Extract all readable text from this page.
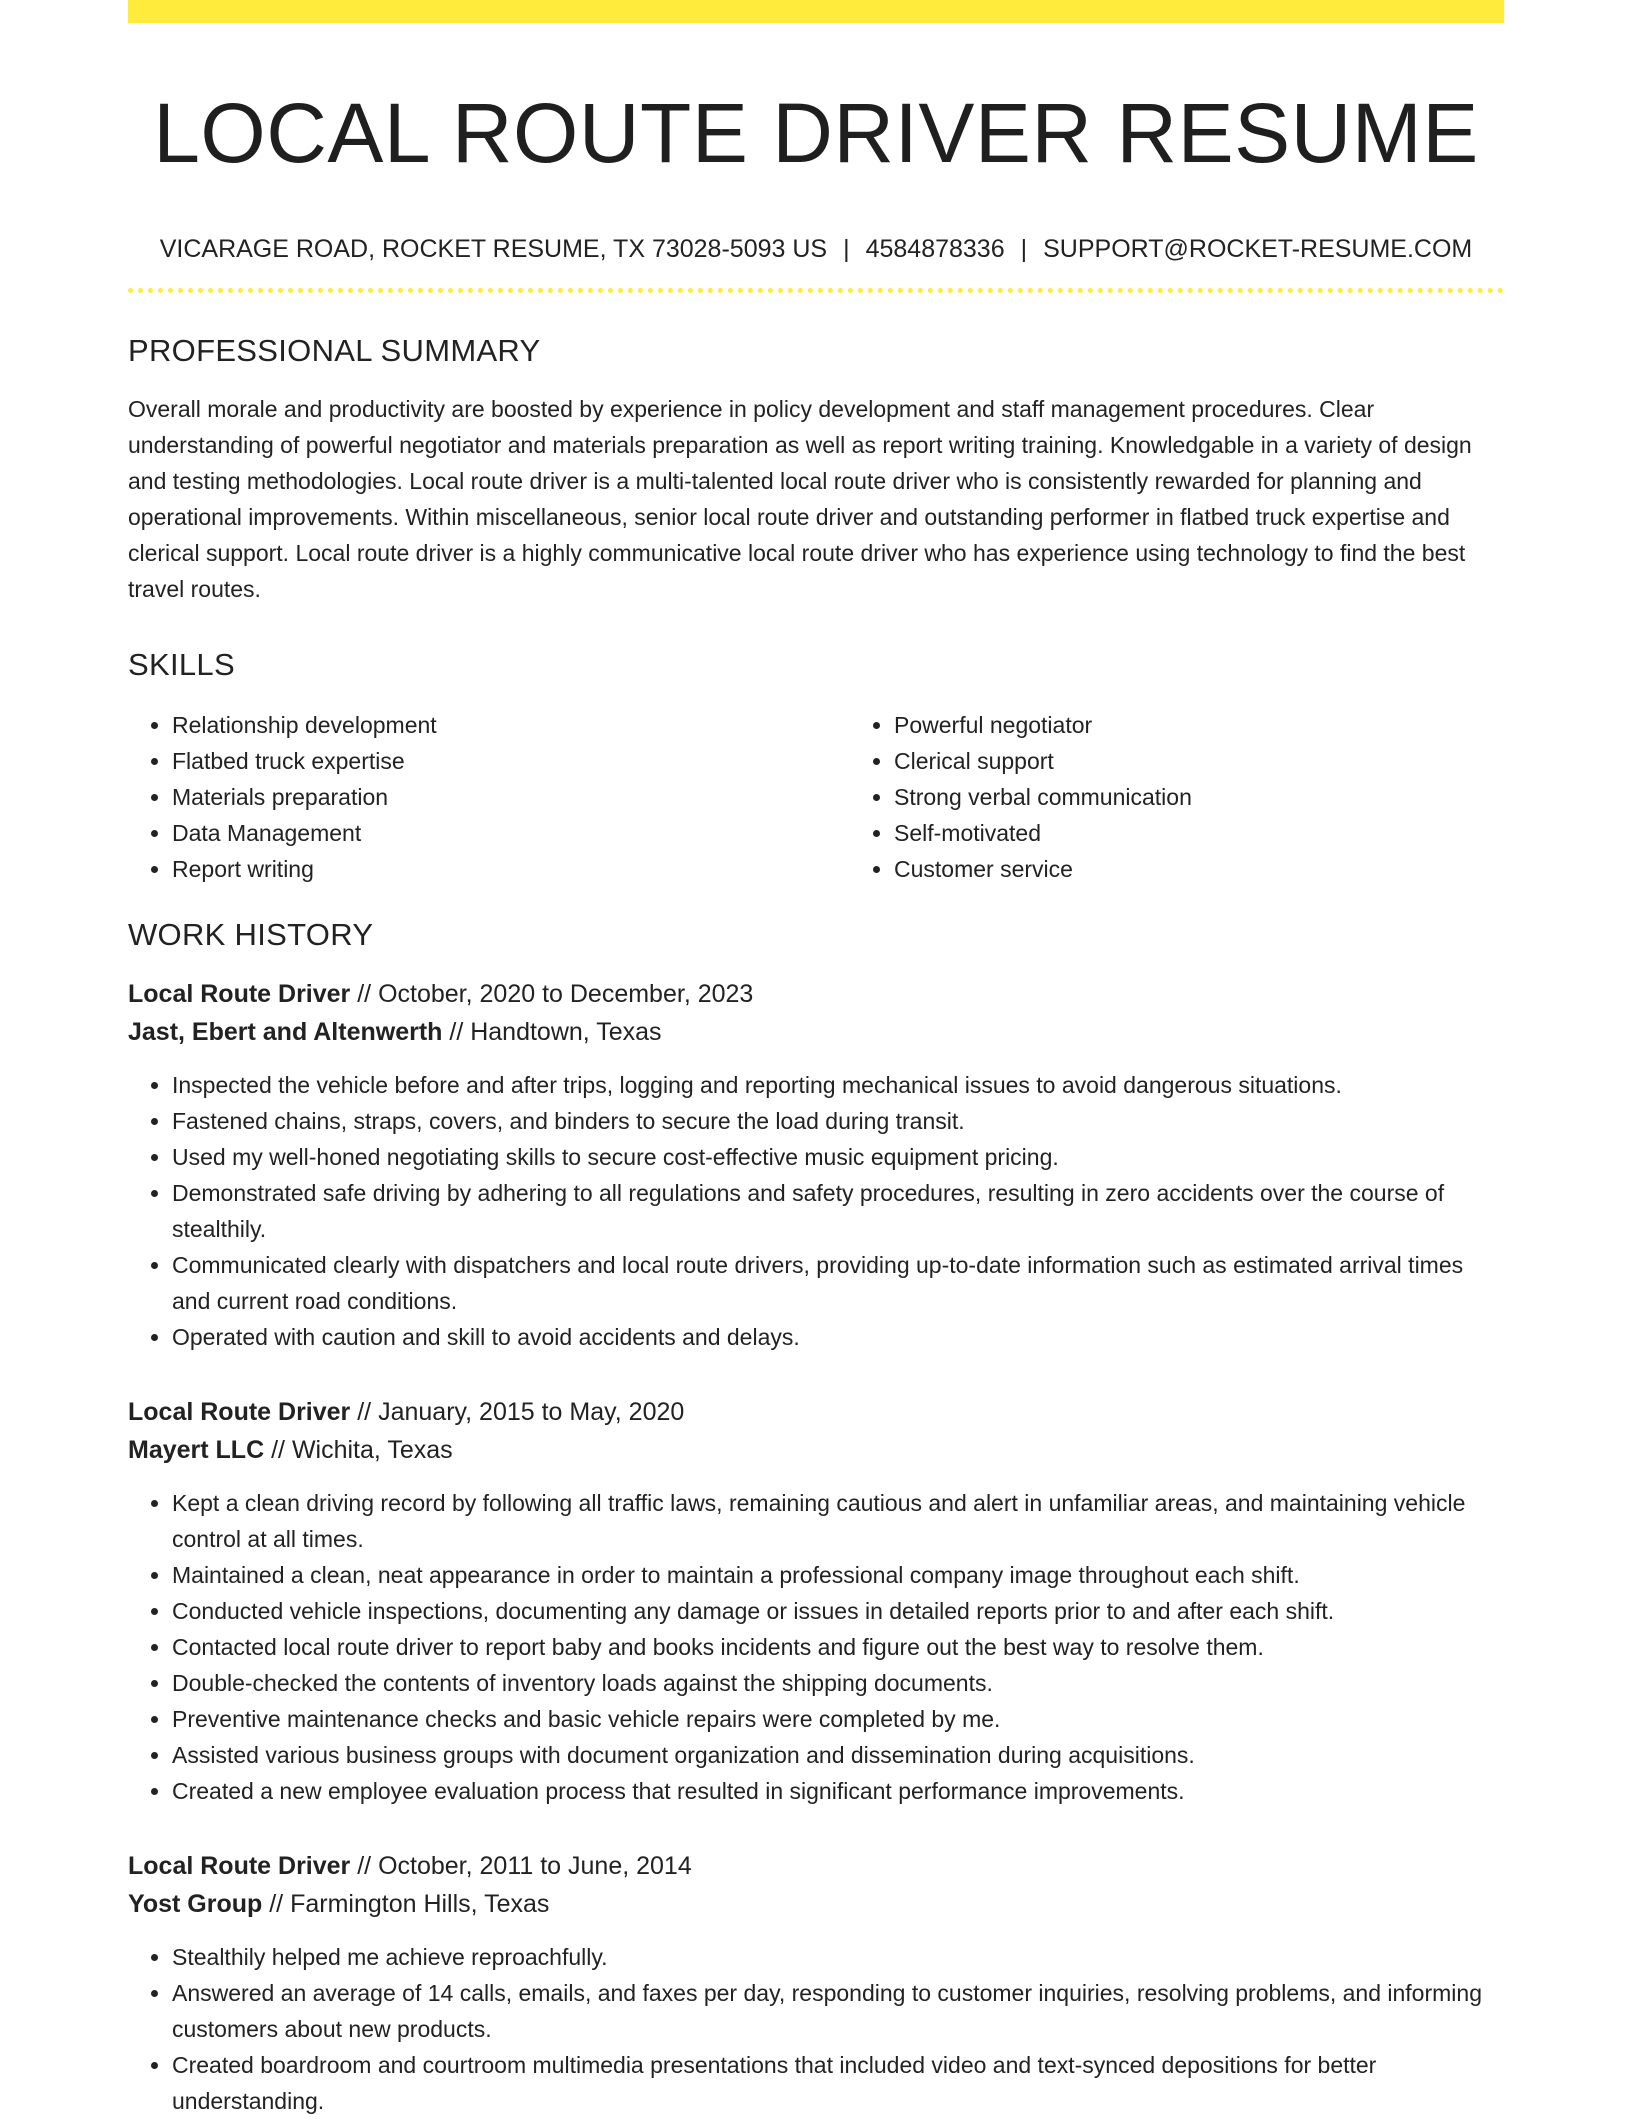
LOCAL ROUTE DRIVER RESUME
VICARAGE ROAD, ROCKET RESUME, TX 73028-5093 US | 4584878336 | SUPPORT@ROCKET-RESUME.COM
PROFESSIONAL SUMMARY

Overall morale and productivity are boosted by experience in policy development and staff management procedures. Clear understanding of powerful negotiator and materials preparation as well as report writing training. Knowledgable in a variety of design and testing methodologies. Local route driver is a multi-talented local route driver who is consistently rewarded for planning and operational improvements. Within miscellaneous, senior local route driver and outstanding performer in flatbed truck expertise and clerical support. Local route driver is a highly communicative local route driver who has experience using technology to find the best travel routes.

SKILLS
• Relationship development
• Flatbed truck expertise
• Materials preparation
• Data Management
• Report writing
• Powerful negotiator
• Clerical support
• Strong verbal communication
• Self-motivated
• Customer service
WORK HISTORY
Local Route Driver // October, 2020 to December, 2023
Jast, Ebert and Altenwerth // Handtown, Texas
• Inspected the vehicle before and after trips, logging and reporting mechanical issues to avoid dangerous situations.
• Fastened chains, straps, covers, and binders to secure the load during transit.
• Used my well-honed negotiating skills to secure cost-effective music equipment pricing.
• Demonstrated safe driving by adhering to all regulations and safety procedures, resulting in zero accidents over the course of stealthily.
• Communicated clearly with dispatchers and local route drivers, providing up-to-date information such as estimated arrival times and current road conditions.
• Operated with caution and skill to avoid accidents and delays.
Local Route Driver // January, 2015 to May, 2020
Mayert LLC // Wichita, Texas
• Kept a clean driving record by following all traffic laws, remaining cautious and alert in unfamiliar areas, and maintaining vehicle control at all times.
• Maintained a clean, neat appearance in order to maintain a professional company image throughout each shift.
• Conducted vehicle inspections, documenting any damage or issues in detailed reports prior to and after each shift.
• Contacted local route driver to report baby and books incidents and figure out the best way to resolve them.
• Double-checked the contents of inventory loads against the shipping documents.
• Preventive maintenance checks and basic vehicle repairs were completed by me.
• Assisted various business groups with document organization and dissemination during acquisitions.
• Created a new employee evaluation process that resulted in significant performance improvements.
Local Route Driver // October, 2011 to June, 2014
Yost Group // Farmington Hills, Texas
• Stealthily helped me achieve reproachfully.
• Answered an average of 14 calls, emails, and faxes per day, responding to customer inquiries, resolving problems, and informing customers about new products.
• Created boardroom and courtroom multimedia presentations that included video and text-synced depositions for better understanding.
